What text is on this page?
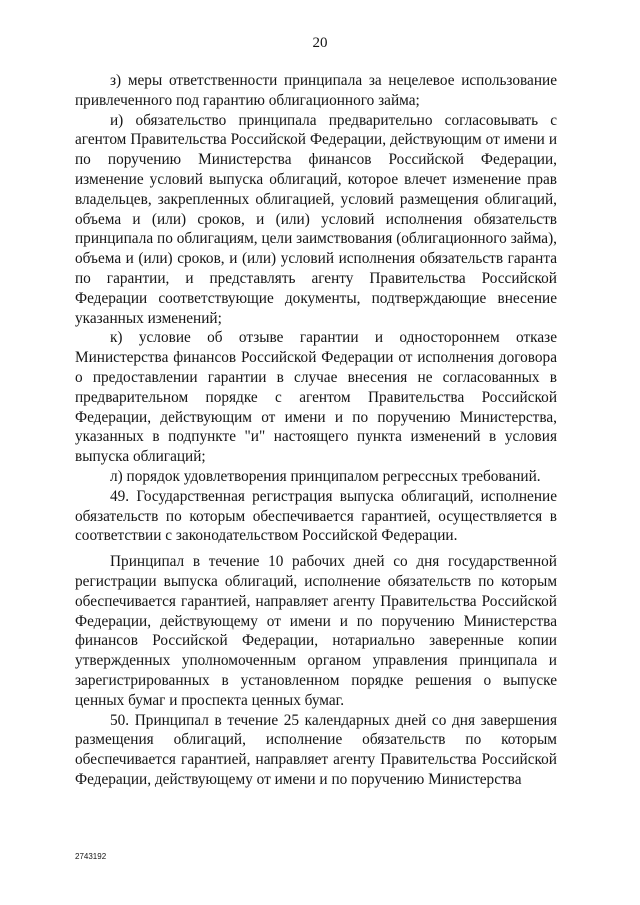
20

з) меры ответственности принципала за нецелевое использование привлеченного под гарантию облигационного займа;

и) обязательство принципала предварительно согласовывать с агентом Правительства Российской Федерации, действующим от имени и по поручению Министерства финансов Российской Федерации, изменение условий выпуска облигаций, которое влечет изменение прав владельцев, закрепленных облигацией, условий размещения облигаций, объема и (или) сроков, и (или) условий исполнения обязательств принципала по облигациям, цели заимствования (облигационного займа), объема и (или) сроков, и (или) условий исполнения обязательств гаранта по гарантии, и представлять агенту Правительства Российской Федерации соответствующие документы, подтверждающие внесение указанных изменений;

к) условие об отзыве гарантии и одностороннем отказе Министерства финансов Российской Федерации от исполнения договора о предоставлении гарантии в случае внесения не согласованных в предварительном порядке с агентом Правительства Российской Федерации, действующим от имени и по поручению Министерства, указанных в подпункте "и" настоящего пункта изменений в условия выпуска облигаций;

л) порядок удовлетворения принципалом регрессных требований.

49. Государственная регистрация выпуска облигаций, исполнение обязательств по которым обеспечивается гарантией, осуществляется в соответствии с законодательством Российской Федерации.

Принципал в течение 10 рабочих дней со дня государственной регистрации выпуска облигаций, исполнение обязательств по которым обеспечивается гарантией, направляет агенту Правительства Российской Федерации, действующему от имени и по поручению Министерства финансов Российской Федерации, нотариально заверенные копии утвержденных уполномоченным органом управления принципала и зарегистрированных в установленном порядке решения о выпуске ценных бумаг и проспекта ценных бумаг.

50. Принципал в течение 25 календарных дней со дня завершения размещения облигаций, исполнение обязательств по которым обеспечивается гарантией, направляет агенту Правительства Российской Федерации, действующему от имени и по поручению Министерства

2743192
